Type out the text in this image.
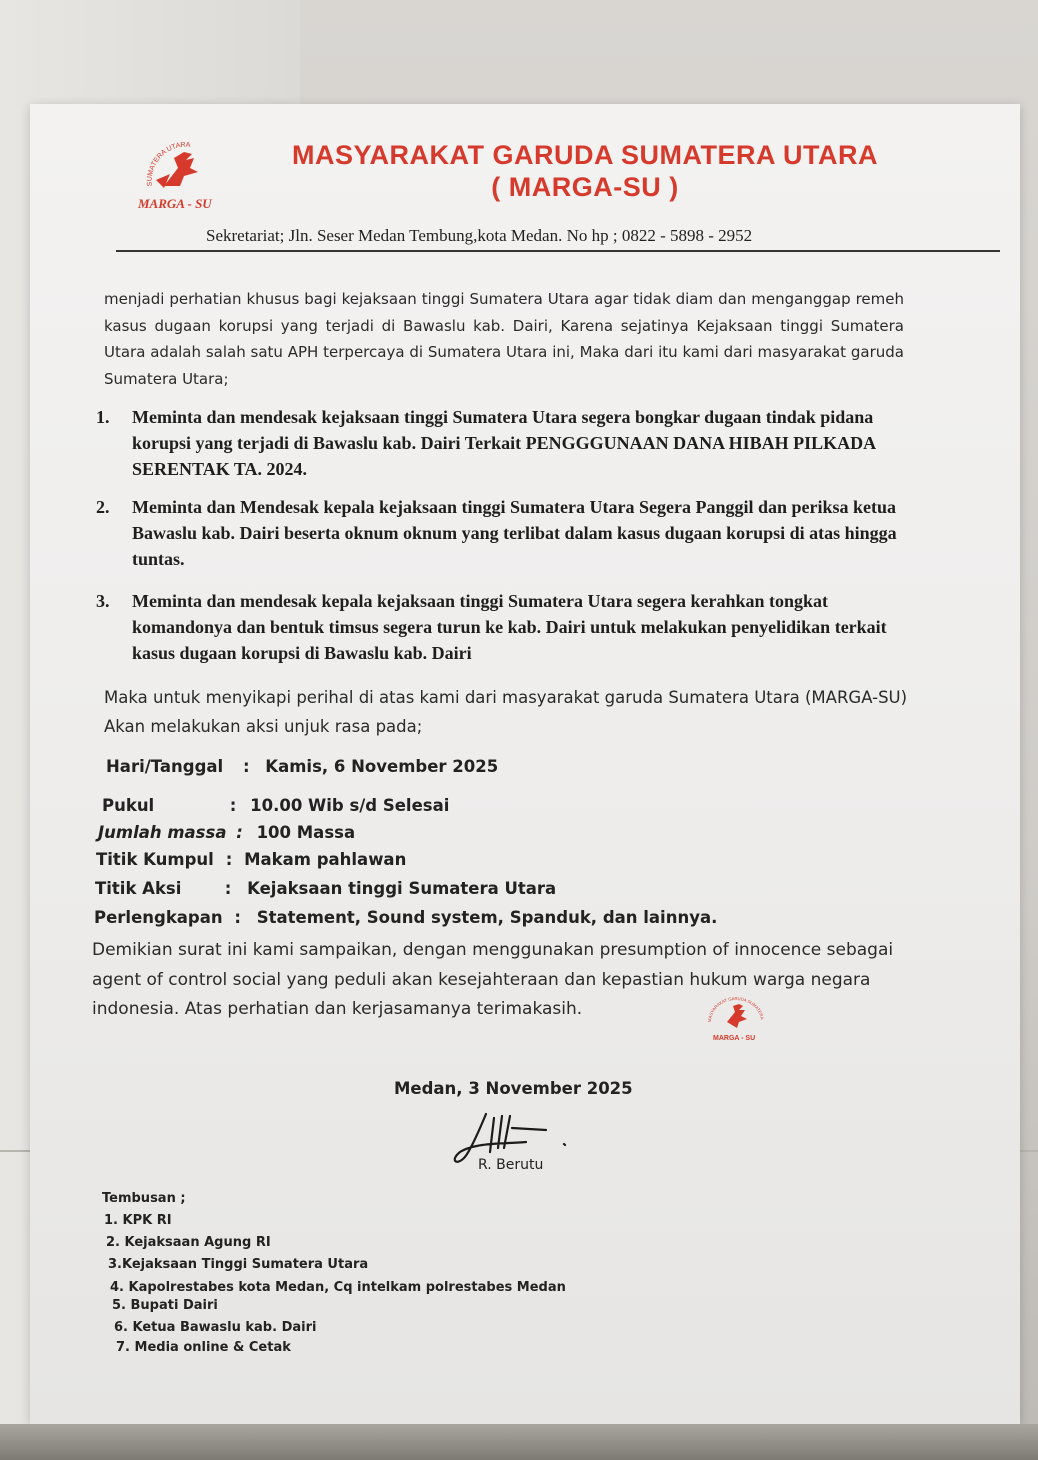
SUMATERA UTARA
MARGA - SU
MASYARAKAT GARUDA SUMATERA UTARA
( MARGA-SU )
Sekretariat; Jln. Seser Medan Tembung,kota Medan. No hp ; 0822 - 5898 - 2952
menjadi perhatian khusus bagi kejaksaan tinggi Sumatera Utara agar tidak diam dan menganggap remeh kasus dugaan korupsi yang terjadi di Bawaslu kab. Dairi, Karena sejatinya Kejaksaan tinggi Sumatera Utara adalah salah satu APH terpercaya di Sumatera Utara ini, Maka dari itu kami dari masyarakat garuda Sumatera Utara;
1.	Meminta dan mendesak kejaksaan tinggi Sumatera Utara segera bongkar dugaan tindak pidana korupsi yang terjadi di Bawaslu kab. Dairi Terkait PENGGGUNAAN DANA HIBAH PILKADA SERENTAK TA. 2024.
2.	Meminta dan Mendesak kepala kejaksaan tinggi Sumatera Utara Segera Panggil dan periksa ketua Bawaslu kab. Dairi beserta oknum oknum yang terlibat dalam kasus dugaan korupsi di atas hingga tuntas.
3.	Meminta dan mendesak kepala kejaksaan tinggi Sumatera Utara segera kerahkan tongkat komandonya dan bentuk timsus segera turun ke kab. Dairi untuk melakukan penyelidikan terkait kasus dugaan korupsi di Bawaslu kab. Dairi
Maka untuk menyikapi perihal di atas kami dari masyarakat garuda Sumatera Utara (MARGA-SU)
Akan melakukan aksi unjuk rasa pada;
Hari/Tanggal : Kamis, 6 November 2025
Pukul	: 10.00 Wib s/d Selesai
Jumlah massa : 100 Massa
Titik Kumpul : Makam pahlawan
Titik Aksi	: Kejaksaan tinggi Sumatera Utara
Perlengkapan : Statement, Sound system, Spanduk, dan lainnya.
Demikian surat ini kami sampaikan, dengan menggunakan presumption of innocence sebagai agent of control social yang peduli akan kesejahteraan dan kepastian hukum warga negara indonesia. Atas perhatian dan kerjasamanya terimakasih.
MASYARAKAT GARUDA SUMATERA
MARGA - SU
Medan, 3 November 2025
R. Berutu
Tembusan ;
1. KPK RI
2. Kejaksaan Agung RI
3.Kejaksaan Tinggi Sumatera Utara
4. Kapolrestabes kota Medan, Cq intelkam polrestabes Medan
5. Bupati Dairi
6. Ketua Bawaslu kab. Dairi
7. Media online & Cetak
